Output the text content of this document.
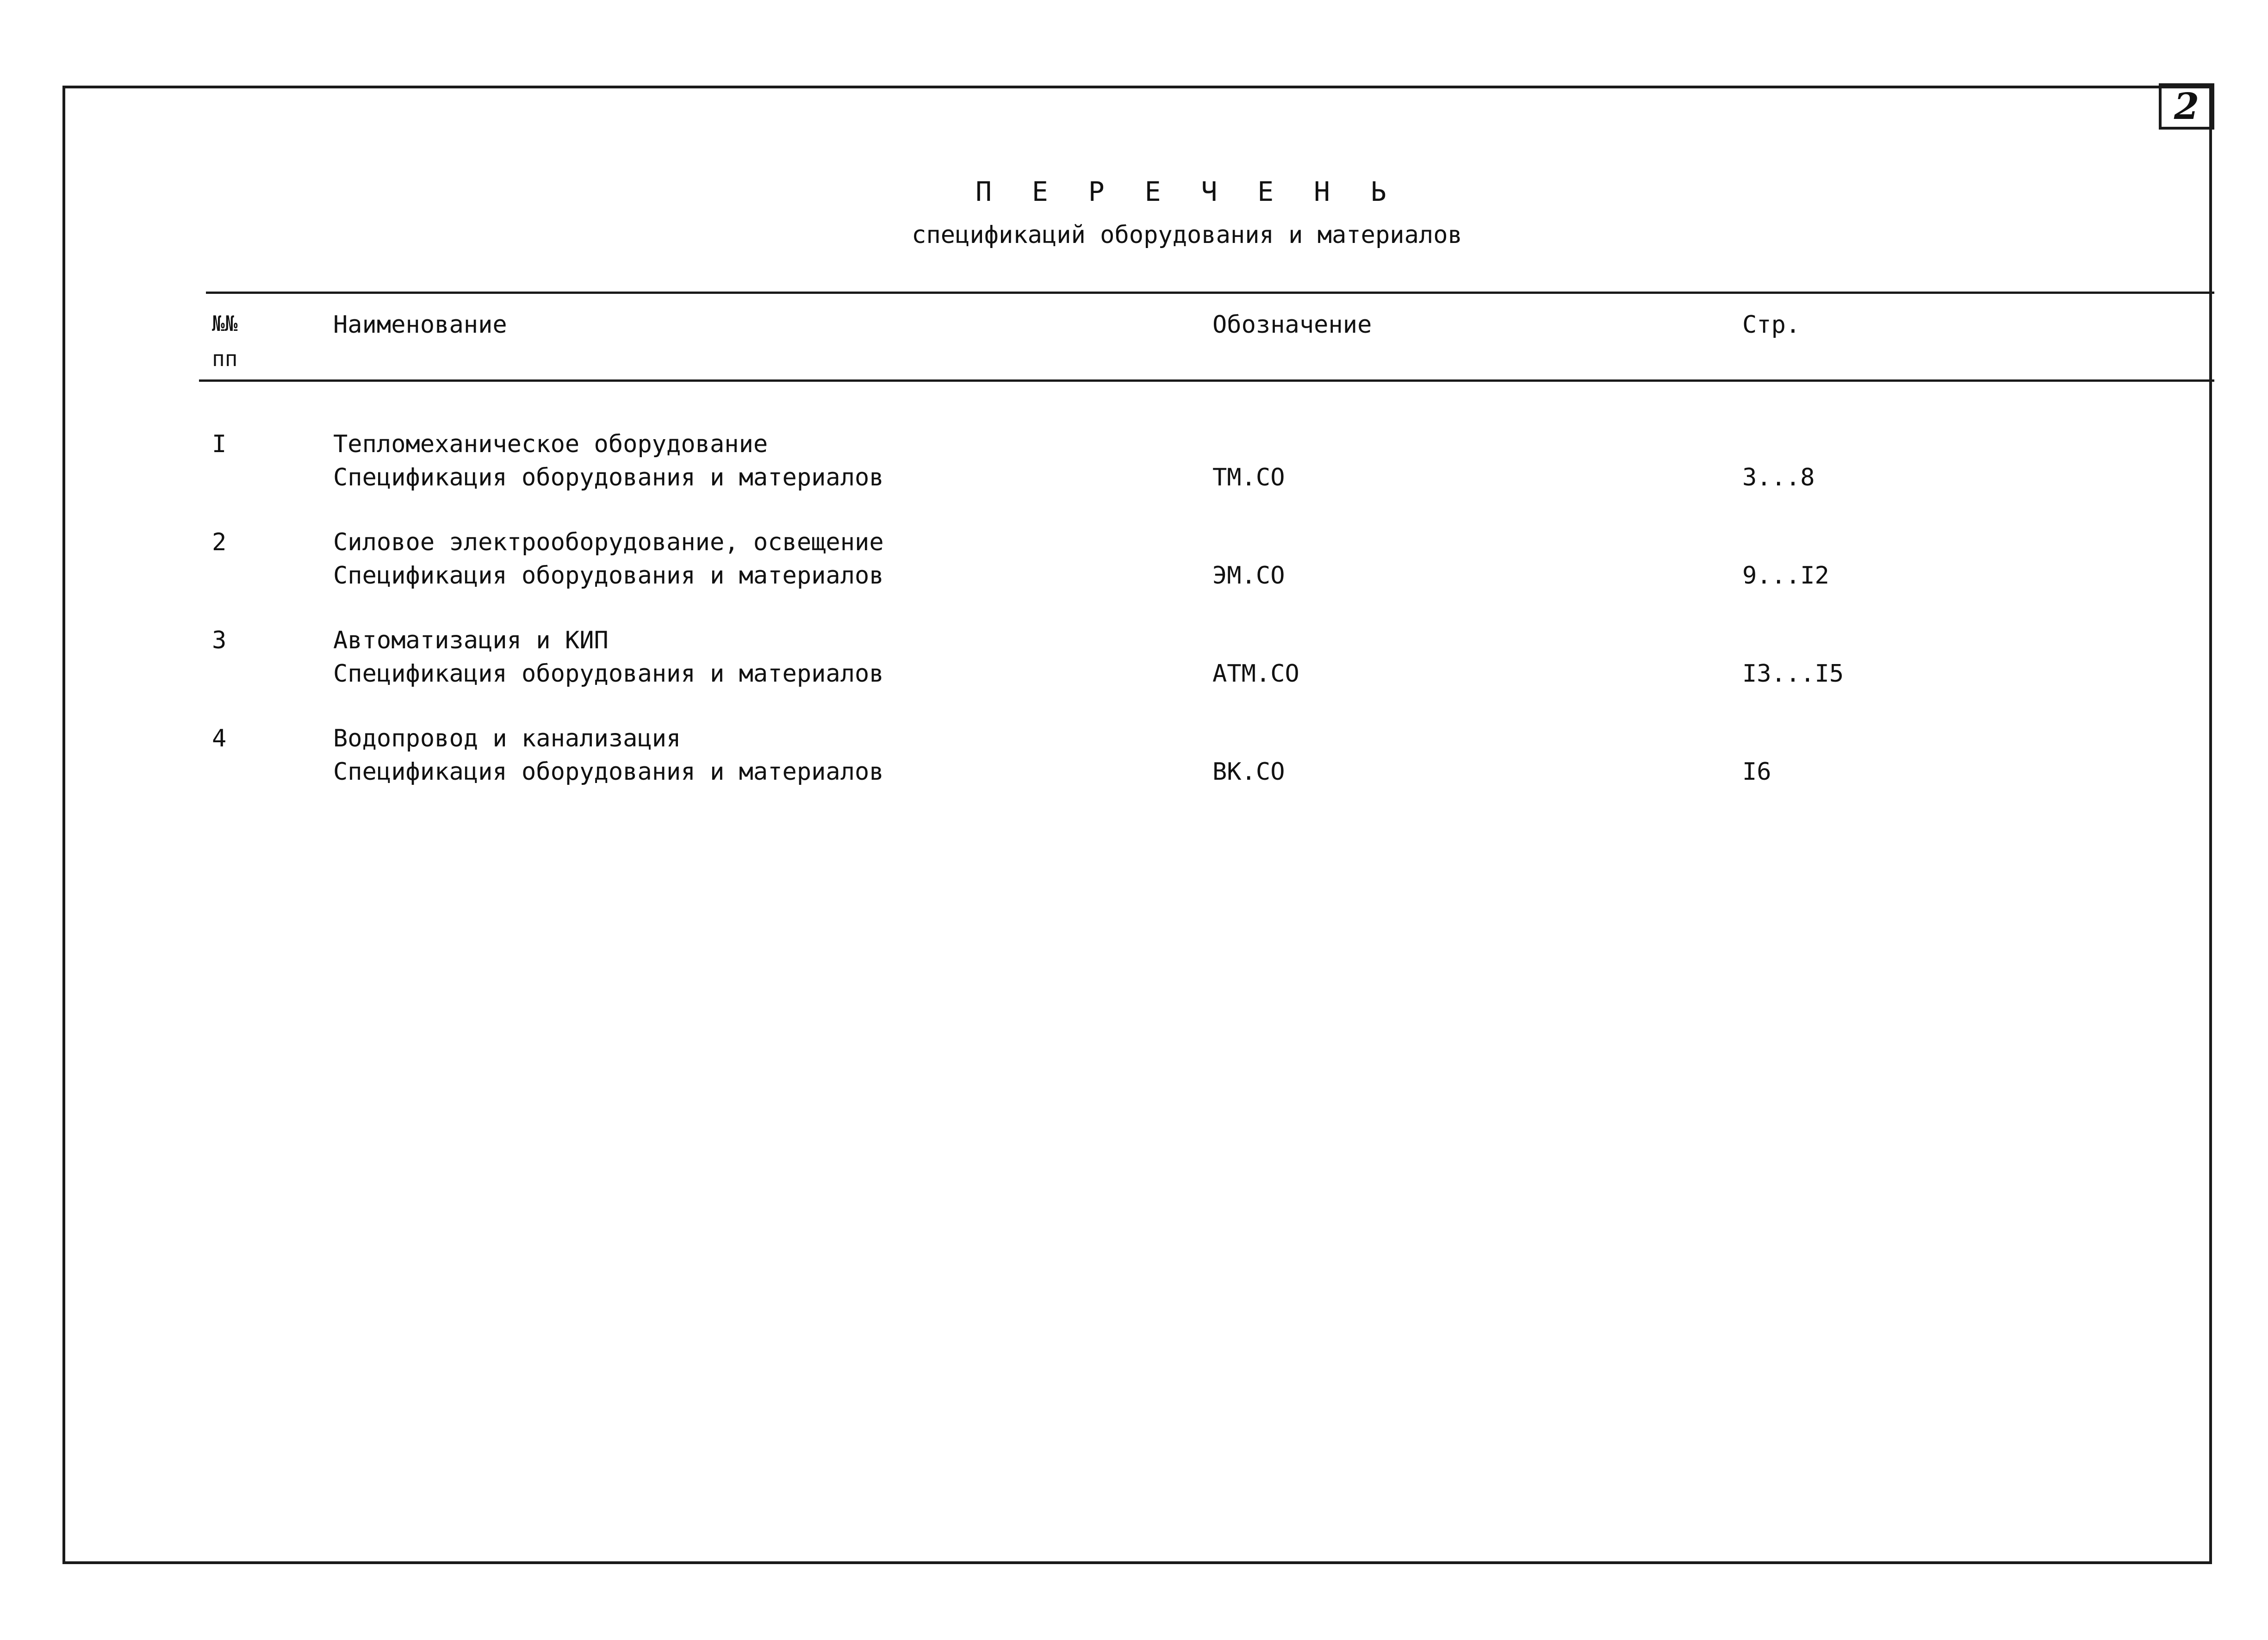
2
П Е Р Е Ч Е Н Ь
спецификаций оборудования и материалов
№№
пп
Наименование	Обозначение	Стр.
I	Тепломеханическое оборудование
Спецификация оборудования и материалов	ТМ.СО	3...8
2	Силовое электрооборудование, освещение
Спецификация оборудования и материалов	ЭМ.СО	9...I2
3	Автоматизация и КИП
Спецификация оборудования и материалов	АТМ.СО	I3...I5
4	Водопровод и канализация
Спецификация оборудования и материалов	ВК.СО	I6
